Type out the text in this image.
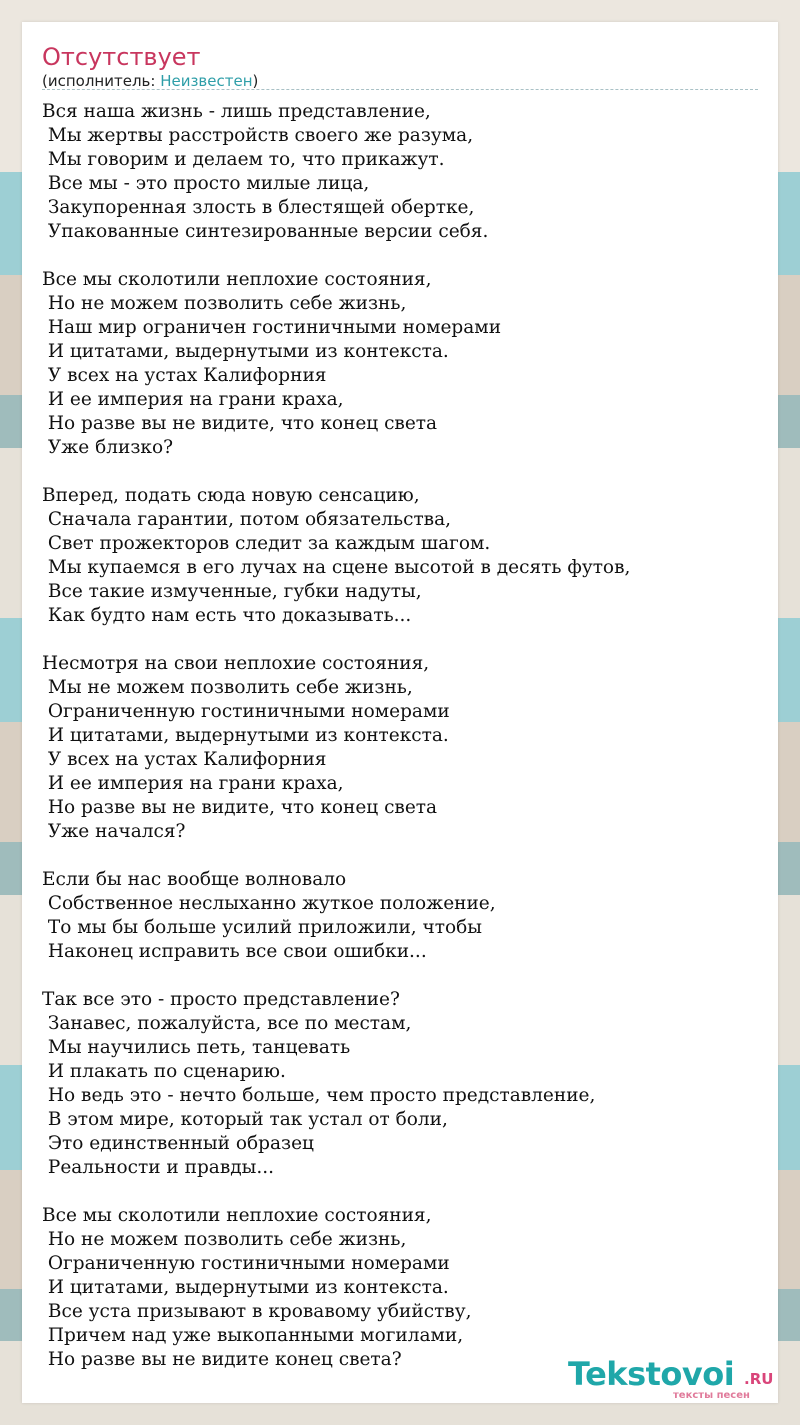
Отсутствует
(исполнитель: Неизвестен)
Вся наша жизнь - лишь представление,
Мы жертвы расстройств своего же разума,
Мы говорим и делаем то, что прикажут.
Все мы - это просто милые лица,
Закупоренная злость в блестящей обертке,
Упакованные синтезированные версии себя.
Все мы сколотили неплохие состояния,
Но не можем позволить себе жизнь,
Наш мир ограничен гостиничными номерами
И цитатами, выдернутыми из контекста.
У всех на устах Калифорния
И ее империя на грани краха,
Но разве вы не видите, что конец света
Уже близко?
Вперед, подать сюда новую сенсацию,
Сначала гарантии, потом обязательства,
Свет прожекторов следит за каждым шагом.
Мы купаемся в его лучах на сцене высотой в десять футов,
Все такие измученные, губки надуты,
Как будто нам есть что доказывать...
Несмотря на свои неплохие состояния,
Мы не можем позволить себе жизнь,
Ограниченную гостиничными номерами
И цитатами, выдернутыми из контекста.
У всех на устах Калифорния
И ее империя на грани краха,
Но разве вы не видите, что конец света
Уже начался?
Если бы нас вообще волновало
Собственное неслыханно жуткое положение,
То мы бы больше усилий приложили, чтобы
Наконец исправить все свои ошибки...
Так все это - просто представление?
Занавес, пожалуйста, все по местам,
Мы научились петь, танцевать
И плакать по сценарию.
Но ведь это - нечто больше, чем просто представление,
В этом мире, который так устал от боли,
Это единственный образец
Реальности и правды...
Все мы сколотили неплохие состояния,
Но не можем позволить себе жизнь,
Ограниченную гостиничными номерами
И цитатами, выдернутыми из контекста.
Все уста призывают в кровавому убийству,
Причем над уже выкопанными могилами,
Но разве вы не видите конец света?	Tekstovoi .RU
тексты песен
